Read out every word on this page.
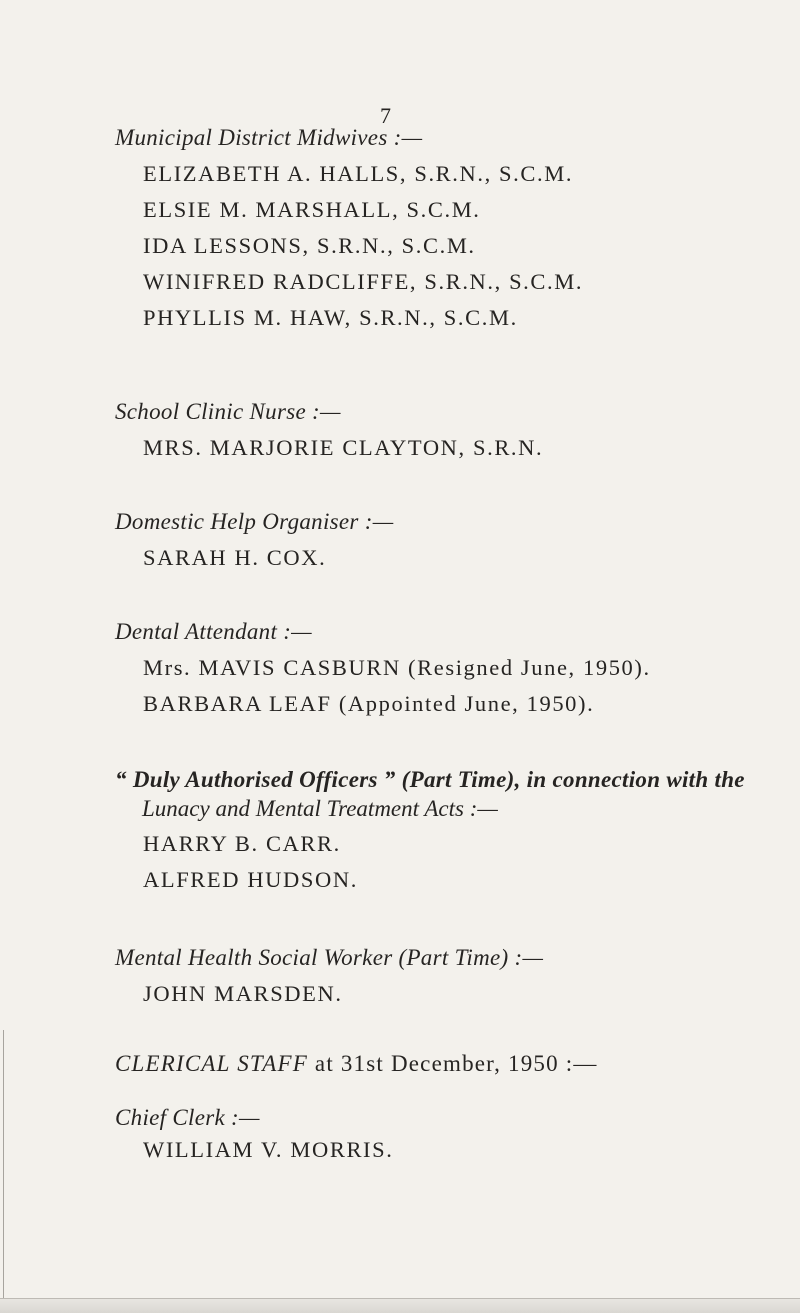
7
Municipal District Midwives :—
ELIZABETH A. HALLS, S.R.N., S.C.M.
ELSIE M. MARSHALL, S.C.M.
IDA LESSONS, S.R.N., S.C.M.
WINIFRED RADCLIFFE, S.R.N., S.C.M.
PHYLLIS M. HAW, S.R.N., S.C.M.
School Clinic Nurse :—
MRS. MARJORIE CLAYTON, S.R.N.
Domestic Help Organiser :—
SARAH H. COX.
Dental Attendant :—
Mrs. MAVIS CASBURN (Resigned June, 1950).
BARBARA LEAF (Appointed June, 1950).
“ Duly Authorised Officers ” (Part Time), in connection with the
Lunacy and Mental Treatment Acts :—
HARRY B. CARR.
ALFRED HUDSON.
Mental Health Social Worker (Part Time) :—
JOHN MARSDEN.
CLERICAL STAFF at 31st December, 1950 :—
Chief Clerk :—
WILLIAM V. MORRIS.
